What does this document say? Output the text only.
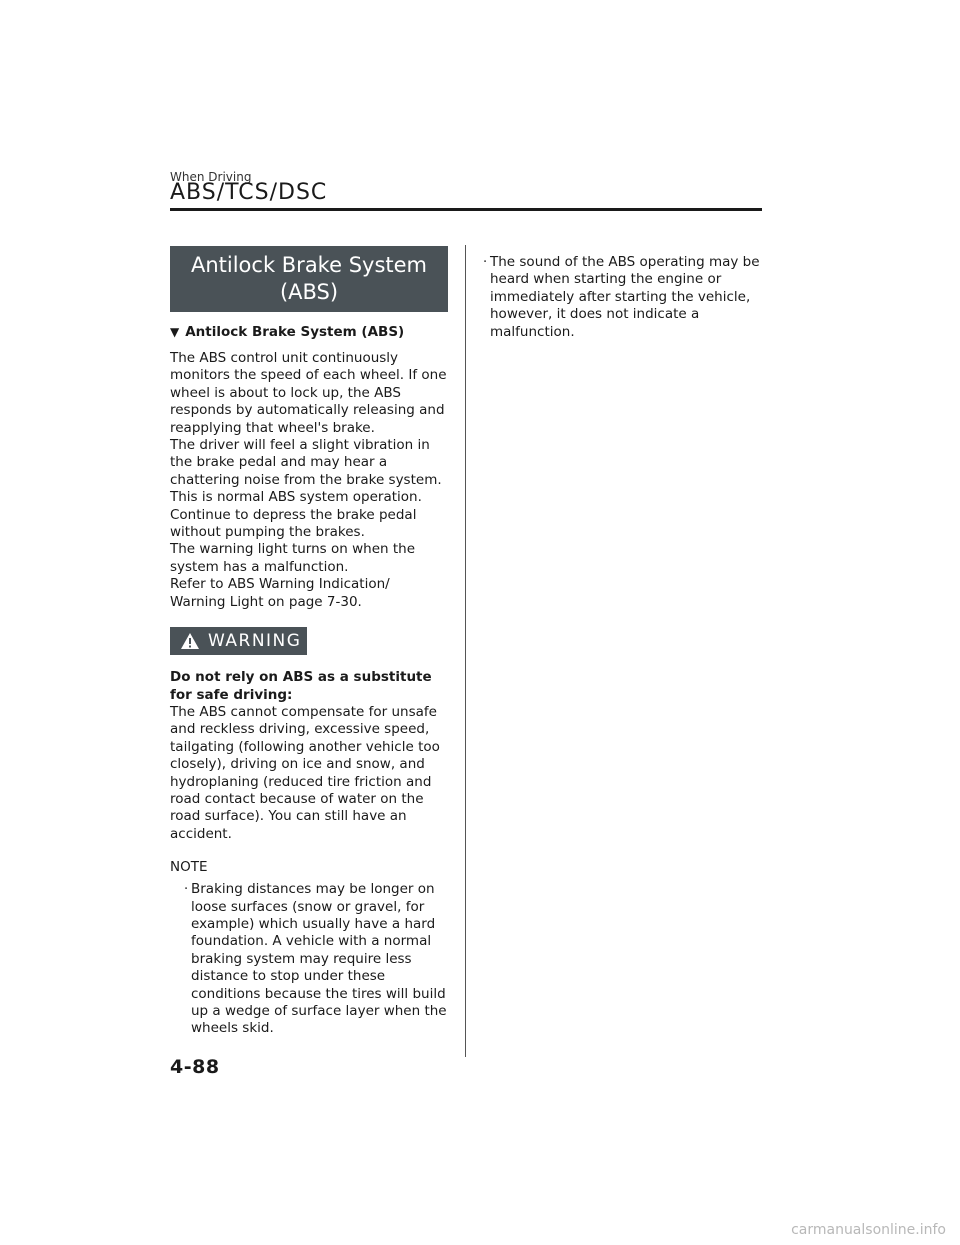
When Driving
ABS/TCS/DSC
Antilock Brake System
(ABS)
▼ Antilock Brake System (ABS)

The ABS control unit continuously monitors the speed of each wheel. If one wheel is about to lock up, the ABS responds by automatically releasing and reapplying that wheel's brake.

The driver will feel a slight vibration in the brake pedal and may hear a chattering noise from the brake system. This is normal ABS system operation. Continue to depress the brake pedal without pumping the brakes.

The warning light turns on when the system has a malfunction.

Refer to ABS Warning Indication/ Warning Light on page 7-30.

WARNING
Do not rely on ABS as a substitute for safe driving:
The ABS cannot compensate for unsafe and reckless driving, excessive speed, tailgating (following another vehicle too closely), driving on ice and snow, and hydroplaning (reduced tire friction and road contact because of water on the road surface). You can still have an accident.
NOTE
· Braking distances may be longer on loose surfaces (snow or gravel, for example) which usually have a hard foundation. A vehicle with a normal braking system may require less distance to stop under these conditions because the tires will build up a wedge of surface layer when the wheels skid.
· The sound of the ABS operating may be heard when starting the engine or immediately after starting the vehicle, however, it does not indicate a malfunction.
4-88
carmanualsonline.info
